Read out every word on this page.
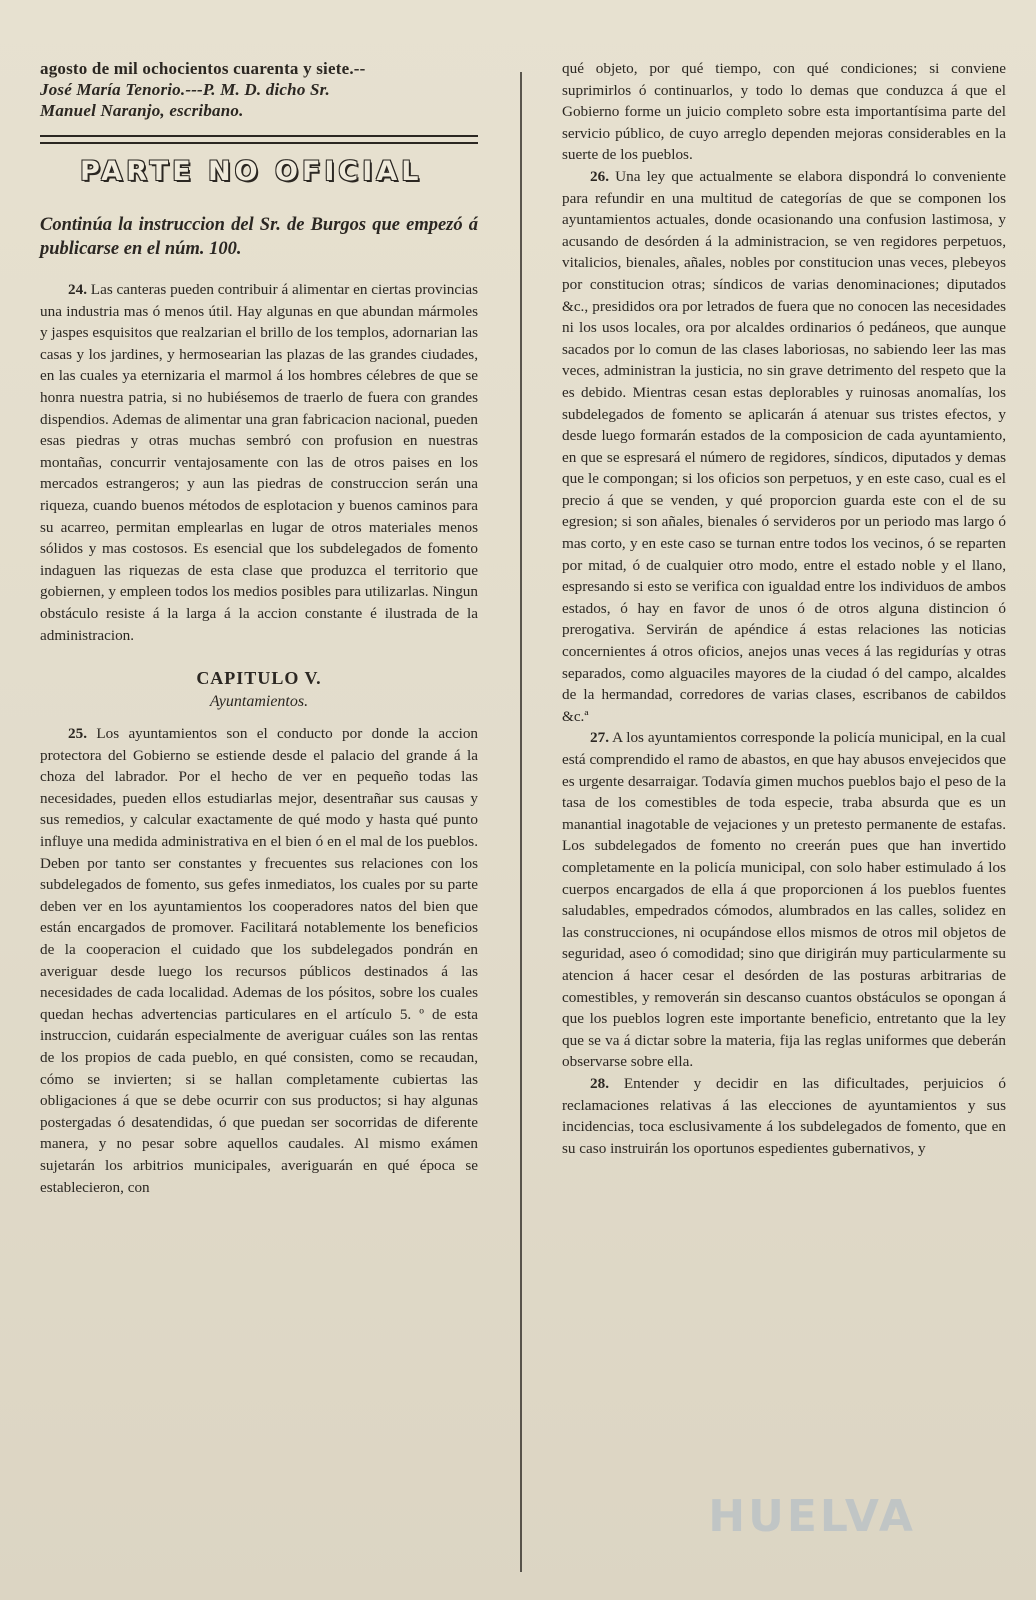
agosto de mil ochocientos cuarenta y siete.--
José María Tenorio.---P. M. D. dicho Sr.
Manuel Naranjo, escribano.
PARTE NO OFICIAL
Continúa la instruccion del Sr. de Burgos que empezó á publicarse en el núm. 100.

24. Las canteras pueden contribuir á alimentar en ciertas provincias una industria mas ó menos útil. Hay algunas en que abundan mármoles y jaspes esquisitos que realzarian el brillo de los templos, adornarian las casas y los jardines, y hermosearian las plazas de las grandes ciudades, en las cuales ya eternizaria el marmol á los hombres célebres de que se honra nuestra patria, si no hubiésemos de traerlo de fuera con grandes dispendios. Ademas de alimentar una gran fabricacion nacional, pueden esas piedras y otras muchas sembró con profusion en nuestras montañas, concurrir ventajosamente con las de otros paises en los mercados estrangeros; y aun las piedras de construccion serán una riqueza, cuando buenos métodos de esplotacion y buenos caminos para su acarreo, permitan emplearlas en lugar de otros materiales menos sólidos y mas costosos. Es esencial que los subdelegados de fomento indaguen las riquezas de esta clase que produzca el territorio que gobiernen, y empleen todos los medios posibles para utilizarlas. Ningun obstáculo resiste á la larga á la accion constante é ilustrada de la administracion.

CAPITULO V.
Ayuntamientos.

25. Los ayuntamientos son el conducto por donde la accion protectora del Gobierno se estiende desde el palacio del grande á la choza del labrador. Por el hecho de ver en pequeño todas las necesidades, pueden ellos estudiarlas mejor, desentrañar sus causas y sus remedios, y calcular exactamente de qué modo y hasta qué punto influye una medida administrativa en el bien ó en el mal de los pueblos. Deben por tanto ser constantes y frecuentes sus relaciones con los subdelegados de fomento, sus gefes inmediatos, los cuales por su parte deben ver en los ayuntamientos los cooperadores natos del bien que están encargados de promover. Facilitará notablemente los beneficios de la cooperacion el cuidado que los subdelegados pondrán en averiguar desde luego los recursos públicos destinados á las necesidades de cada localidad. Ademas de los pósitos, sobre los cuales quedan hechas advertencias particulares en el artículo 5. º de esta instruccion, cuidarán especialmente de averiguar cuáles son las rentas de los propios de cada pueblo, en qué consisten, como se recaudan, cómo se invierten; si se hallan completamente cubiertas las obligaciones á que se debe ocurrir con sus productos; si hay algunas postergadas ó desatendidas, ó que puedan ser socorridas de diferente manera, y no pesar sobre aquellos caudales. Al mismo exámen sujetarán los arbitrios municipales, averiguarán en qué época se establecieron, con

qué objeto, por qué tiempo, con qué condiciones; si conviene suprimirlos ó continuarlos, y todo lo demas que conduzca á que el Gobierno forme un juicio completo sobre esta importantísima parte del servicio público, de cuyo arreglo dependen mejoras considerables en la suerte de los pueblos.

26. Una ley que actualmente se elabora dispondrá lo conveniente para refundir en una multitud de categorías de que se componen los ayuntamientos actuales, donde ocasionando una confusion lastimosa, y acusando de desórden á la administracion, se ven regidores perpetuos, vitalicios, bienales, añales, nobles por constitucion unas veces, plebeyos por constitucion otras; síndicos de varias denominaciones; diputados &c., presididos ora por letrados de fuera que no conocen las necesidades ni los usos locales, ora por alcaldes ordinarios ó pedáneos, que aunque sacados por lo comun de las clases laboriosas, no sabiendo leer las mas veces, administran la justicia, no sin grave detrimento del respeto que la es debido. Mientras cesan estas deplorables y ruinosas anomalías, los subdelegados de fomento se aplicarán á atenuar sus tristes efectos, y desde luego formarán estados de la composicion de cada ayuntamiento, en que se espresará el número de regidores, síndicos, diputados y demas que le compongan; si los oficios son perpetuos, y en este caso, cual es el precio á que se venden, y qué proporcion guarda este con el de su egresion; si son añales, bienales ó servideros por un periodo mas largo ó mas corto, y en este caso se turnan entre todos los vecinos, ó se reparten por mitad, ó de cualquier otro modo, entre el estado noble y el llano, espresando si esto se verifica con igualdad entre los individuos de ambos estados, ó hay en favor de unos ó de otros alguna distincion ó prerogativa. Servirán de apéndice á estas relaciones las noticias concernientes á otros oficios, anejos unas veces á las regidurías y otras separados, como alguaciles mayores de la ciudad ó del campo, alcaldes de la hermandad, corredores de varias clases, escribanos de cabildos &c.ª

27. A los ayuntamientos corresponde la policía municipal, en la cual está comprendido el ramo de abastos, en que hay abusos envejecidos que es urgente desarraigar. Todavía gimen muchos pueblos bajo el peso de la tasa de los comestibles de toda especie, traba absurda que es un manantial inagotable de vejaciones y un pretesto permanente de estafas. Los subdelegados de fomento no creerán pues que han invertido completamente en la policía municipal, con solo haber estimulado á los cuerpos encargados de ella á que proporcionen á los pueblos fuentes saludables, empedrados cómodos, alumbrados en las calles, solidez en las construcciones, ni ocupándose ellos mismos de otros mil objetos de seguridad, aseo ó comodidad; sino que dirigirán muy particularmente su atencion á hacer cesar el desórden de las posturas arbitrarias de comestibles, y removerán sin descanso cuantos obstáculos se opongan á que los pueblos logren este importante beneficio, entretanto que la ley que se va á dictar sobre la materia, fija las reglas uniformes que deberán observarse sobre ella.

28. Entender y decidir en las dificultades, perjuicios ó reclamaciones relativas á las elecciones de ayuntamientos y sus incidencias, toca esclusivamente á los subdelegados de fomento, que en su caso instruirán los oportunos espedientes gubernativos, y

HUELVA
